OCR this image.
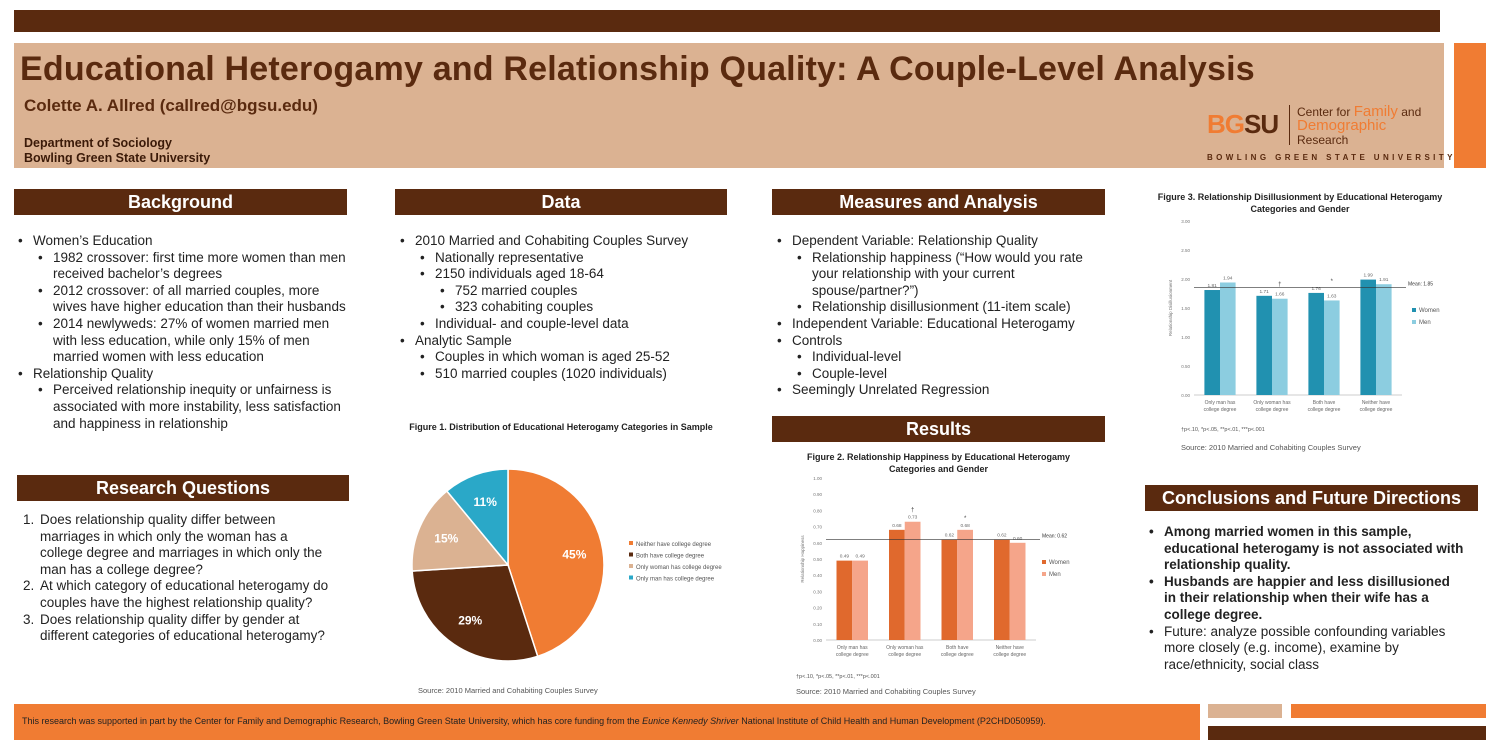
Educational Heterogamy and Relationship Quality: A Couple-Level Analysis
Colette A. Allred (callred@bgsu.edu)
Department of Sociology
Bowling Green State University
BGSU Center for Family and
Demographic Research
BOWLING GREEN STATE UNIVERSITY
Background
• Women’s Education
• 1982 crossover: first time more women than men received bachelor’s degrees
• 2012 crossover: of all married couples, more wives have higher education than their husbands
• 2014 newlyweds: 27% of women married men with less education, while only 15% of men married women with less education
• Relationship Quality
• Perceived relationship inequity or unfairness is associated with more instability, less satisfaction and happiness in relationship
Research Questions
1. Does relationship quality differ between marriages in which only the woman has a college degree and marriages in which only the man has a college degree?
2. At which category of educational heterogamy do couples have the highest relationship quality?
3. Does relationship quality differ by gender at different categories of educational heterogamy?
Data
• 2010 Married and Cohabiting Couples Survey
• Nationally representative
• 2150 individuals aged 18-64
• 752 married couples
• 323 cohabiting couples
• Individual- and couple-level data
• Analytic Sample
• Couples in which woman is aged 25-52
• 510 married couples (1020 individuals)
Figure 1. Distribution of Educational Heterogamy Categories in Sample
45%
29%
15%
11%
Neither have college degree
Both have college degree
Only woman has college degree
Only man has college degree
Source: 2010 Married and Cohabiting Couples Survey
Measures and Analysis
• Dependent Variable: Relationship Quality
• Relationship happiness (“How would you rate your relationship with your current spouse/partner?”)
• Relationship disillusionment (11-item scale)
• Independent Variable: Educational Heterogamy
• Controls
• Individual-level
• Couple-level
• Seemingly Unrelated Regression
Results
Figure 2. Relationship Happiness by Educational Heterogamy Categories and Gender
0.00
0.10
0.20
0.30
0.40
0.50
0.60
0.70
0.80
0.90
1.00
Relationship Happiness	0.49 0.49
Only man has college degree
0.68
0.73
†
Only woman has college degree
0.62
0.68
*
Both have college degree
0.62
0.60
Neither have college degree
Mean: 0.62
Women
Men
†p<.10, *p<.05, **p<.01, ***p<.001
Source: 2010 Married and Cohabiting Couples Survey
Figure 3. Relationship Disillusionment by Educational Heterogamy Categories and Gender
0.00
0.50
1.00
1.50
2.00
2.50
3.00
Relationship Disillusionment	1.81
1.94
Only man has college degree
1.71
1.66
†
Only woman has college degree
1.76
1.63
*
Both have college degree
1.99
1.91
Neither have college degree
Mean: 1.85
Women
Men
†p<.10, *p<.05, **p<.01, ***p<.001
Source: 2010 Married and Cohabiting Couples Survey
Conclusions and Future Directions
• Among married women in this sample, educational heterogamy is not associated with relationship quality.
• Husbands are happier and less disillusioned in their relationship when their wife has a college degree.
• Future: analyze possible confounding variables more closely (e.g. income), examine by race/ethnicity, social class
This research was supported in part by the Center for Family and Demographic Research, Bowling Green State University, which has core funding from the Eunice Kennedy Shriver National Institute of Child Health and Human Development (P2CHD050959).
